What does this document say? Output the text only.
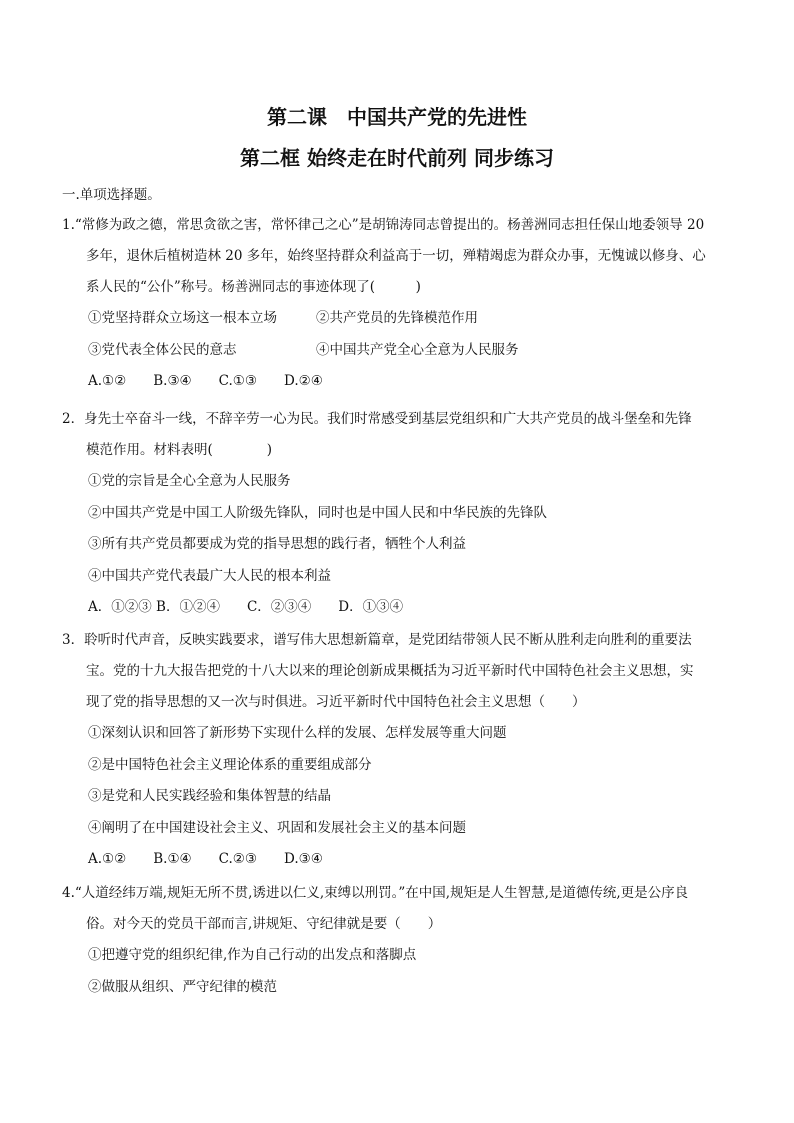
第二课　中国共产党的先进性
第二框 始终走在时代前列 同步练习
一.单项选择题。
1.“常修为政之德，常思贪欲之害，常怀律己之心”是胡锦涛同志曾提出的。杨善洲同志担任保山地委领导 20
多年，退休后植树造林 20 多年，始终坚持群众利益高于一切，殚精竭虑为群众办事，无愧诚以修身、心
系人民的“公仆”称号。杨善洲同志的事迹体现了(　　　)
①党坚持群众立场这一根本立场	②共产党员的先锋模范作用
③党代表全体公民的意志	④中国共产党全心全意为人民服务
A.①②　　B.③④　　C.①③　　D.②④
2．身先士卒奋斗一线，不辞辛劳一心为民。我们时常感受到基层党组织和广大共产党员的战斗堡垒和先锋
模范作用。材料表明(　　　　)
①党的宗旨是全心全意为人民服务
②中国共产党是中国工人阶级先锋队，同时也是中国人民和中华民族的先锋队
③所有共产党员都要成为党的指导思想的践行者，牺牲个人利益
④中国共产党代表最广大人民的根本利益
A．①②③ B．①②④　　C．②③④　　D．①③④
3．聆听时代声音，反映实践要求，谱写伟大思想新篇章，是党团结带领人民不断从胜利走向胜利的重要法
宝。党的十九大报告把党的十八大以来的理论创新成果概括为习近平新时代中国特色社会主义思想，实
现了党的指导思想的又一次与时俱进。习近平新时代中国特色社会主义思想（　　）
①深刻认识和回答了新形势下实现什么样的发展、怎样发展等重大问题
②是中国特色社会主义理论体系的重要组成部分
③是党和人民实践经验和集体智慧的结晶
④阐明了在中国建设社会主义、巩固和发展社会主义的基本问题
A.①②　　B.①④　　C.②③　　D.③④
4.“人道经纬万端,规矩无所不贯,诱进以仁义,束缚以刑罚。”在中国,规矩是人生智慧,是道德传统,更是公序良
俗。对今天的党员干部而言,讲规矩、守纪律就是要（　　）
①把遵守党的组织纪律,作为自己行动的出发点和落脚点
②做服从组织、严守纪律的模范
